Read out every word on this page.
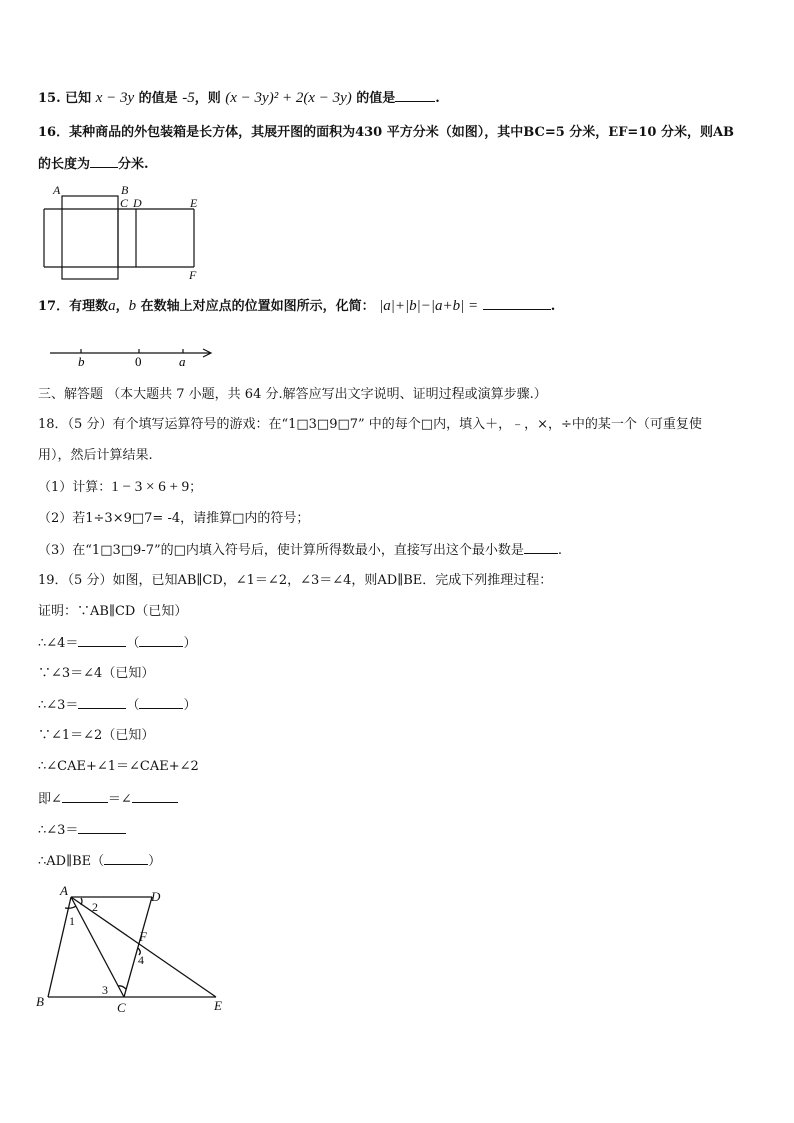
15. 已知 x − 3y 的值是 -5，则 (x − 3y)² + 2(x − 3y) 的值是	.
16．某种商品的外包装箱是长方体，其展开图的面积为430 平方分米（如图），其中BC=5 分米，EF=10 分米，则AB
的长度为 分米.
A	B
C D	E
F
17．有理数a，b 在数轴上对应点的位置如图所示，化简： |a|+|b|−|a+b| =	.
b	0	a
三、解答题 （本大题共 7 小题，共 64 分.解答应写出文字说明、证明过程或演算步骤.）
18．（5 分）有个填写运算符号的游戏：在“1□3□9□7” 中的每个□内，填入＋，﹣，×，÷中的某一个（可重复使
用），然后计算结果.
（1）计算：1 − 3 × 6 + 9；
（2）若1÷3×9□7= -4，请推算□内的符号；
（3）在“1□3□9-7”的□内填入符号后，使计算所得数最小，直接写出这个最小数是	.
19．（5 分）如图，已知AB∥CD，∠1＝∠2，∠3＝∠4，则AD∥BE．完成下列推理过程：
证明：∵AB∥CD（已知）
∴∠4＝	（	）
∵∠3＝∠4（已知）
∴∠3＝	（	）
∵∠1＝∠2（已知）
∴∠CAE+∠1＝∠CAE+∠2
即∠	＝∠
∴∠3＝
∴AD∥BE（	）
A	D
F
B	C	E
1
2
3
4
